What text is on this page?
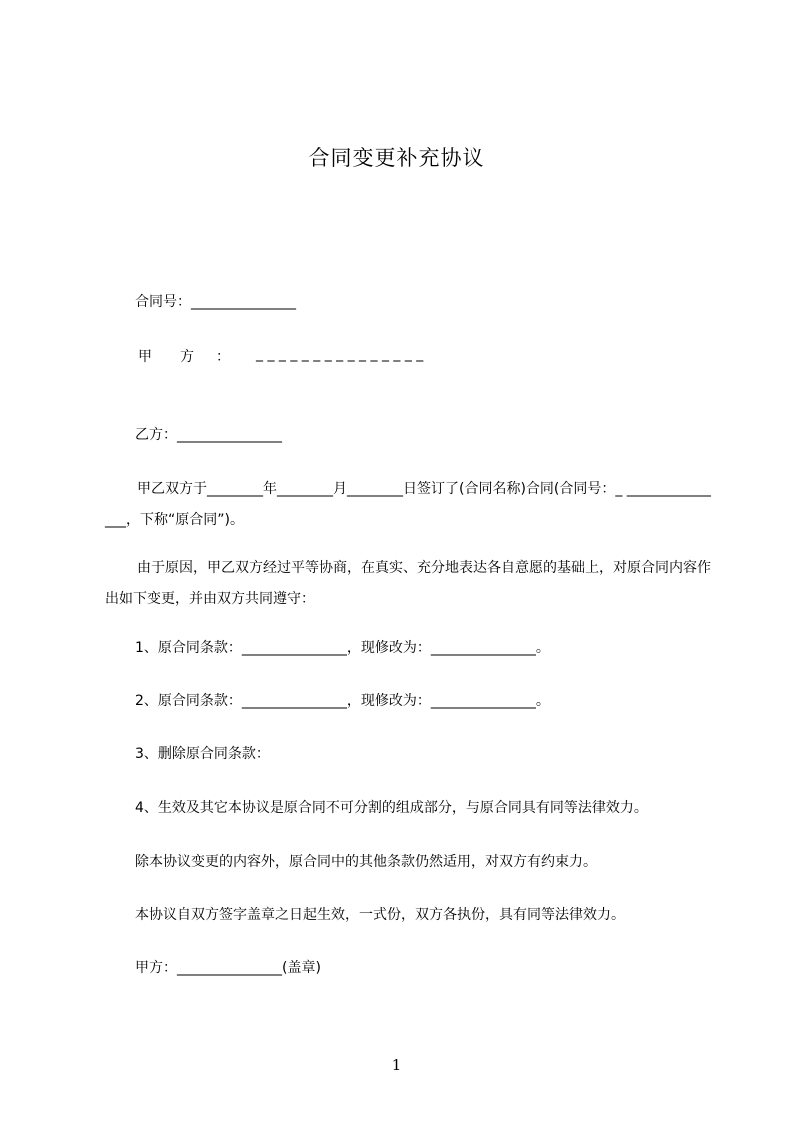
合同变更补充协议
合同号：_______________
甲 方 ： _ _ _ _ _ _ _ _ _ _ _ _ _ _ _
乙方：_______________
甲乙双方于________年________月________日签订了(合同名称)合同(合同号：_ _______________，下称“原合同”)。
由于原因，甲乙双方经过平等协商，在真实、充分地表达各自意愿的基础上，对原合同内容作出如下变更，并由双方共同遵守：
1、原合同条款：_______________，现修改为：_______________。
2、原合同条款：_______________，现修改为：_______________。
3、删除原合同条款：
4、生效及其它本协议是原合同不可分割的组成部分，与原合同具有同等法律效力。
除本协议变更的内容外，原合同中的其他条款仍然适用，对双方有约束力。
本协议自双方签字盖章之日起生效，一式份，双方各执份，具有同等法律效力。
甲方：_______________(盖章)
1
